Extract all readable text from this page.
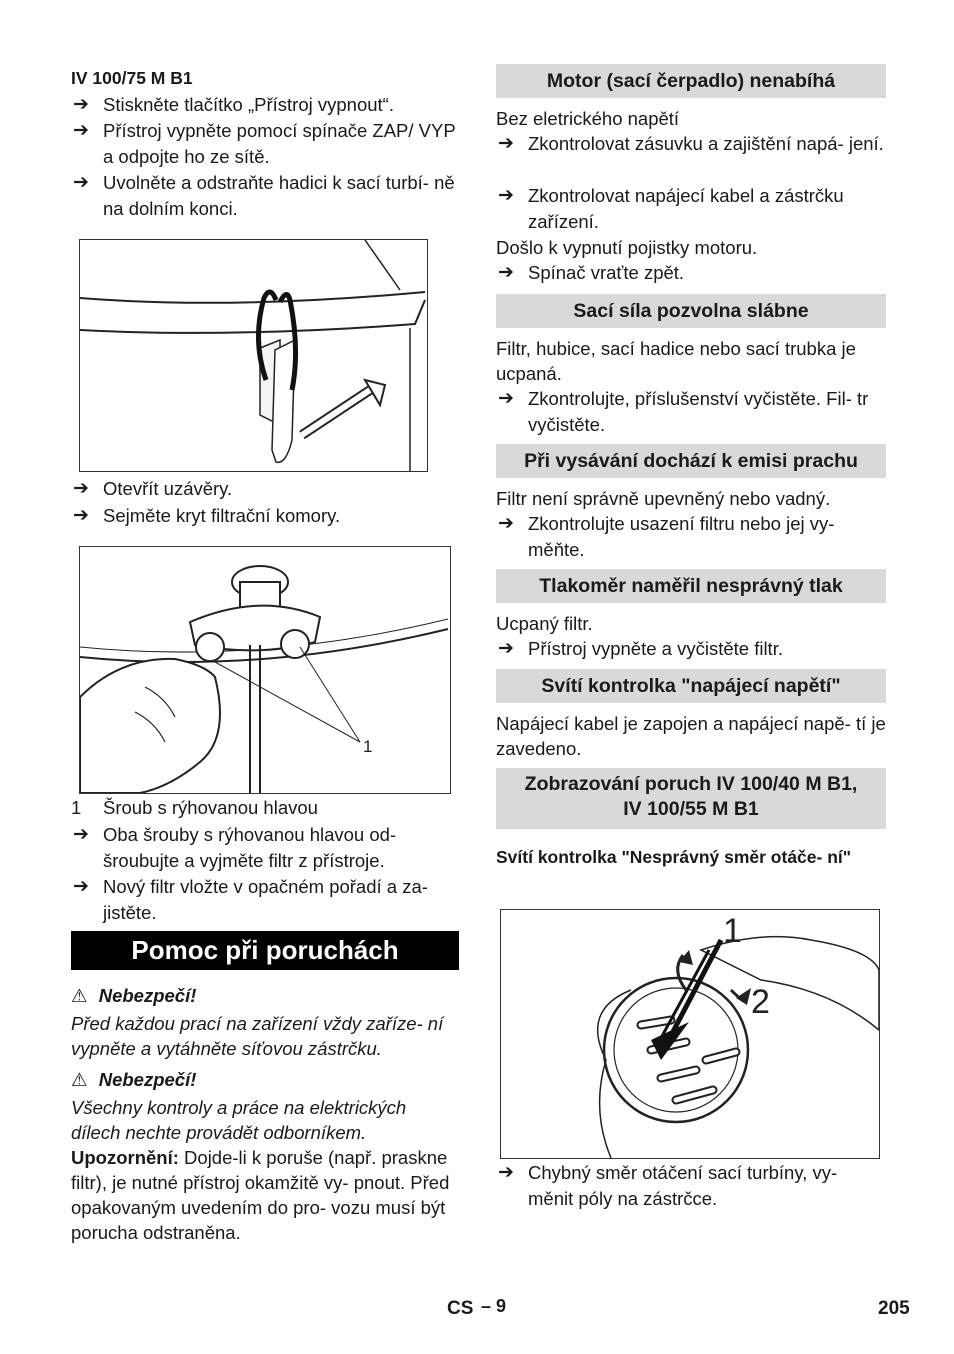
IV 100/75 M B1
➔ Stiskněte tlačítko „Přístroj vypnout“.
➔ Přístroj vypněte pomocí spínače ZAP/ VYP a odpojte ho ze sítě.
➔ Uvolněte a odstraňte hadici k sací turbí- ně na dolním konci.
➔ Otevřít uzávěry.
➔ Sejměte kryt filtrační komory.
1
1 Šroub s rýhovanou hlavou
➔ Oba šrouby s rýhovanou hlavou od- šroubujte a vyjměte filtr z přístroje.
➔ Nový filtr vložte v opačném pořadí a za- jistěte.
Pomoc při poruchách
⚠ Nebezpečí!
Před každou prací na zařízení vždy zaříze- ní vypněte a vytáhněte síťovou zástrčku.
⚠ Nebezpečí!
Všechny kontroly a práce na elektrických dílech nechte provádět odborníkem.
Upozornění: Dojde-li k poruše (např. praskne filtr), je nutné přístroj okamžitě vy- pnout. Před opakovaným uvedením do pro- vozu musí být porucha odstraněna.
Motor (sací čerpadlo) nenabíhá
Bez eletrického napětí
➔ Zkontrolovat zásuvku a zajištění napá- jení.
➔ Zkontrolovat napájecí kabel a zástrčku zařízení.
Došlo k vypnutí pojistky motoru.
➔ Spínač vraťte zpět.
Sací síla pozvolna slábne
Filtr, hubice, sací hadice nebo sací trubka je ucpaná.
➔ Zkontrolujte, příslušenství vyčistěte. Fil- tr vyčistěte.
Při vysávání dochází k emisi prachu
Filtr není správně upevněný nebo vadný.
➔ Zkontrolujte usazení filtru nebo jej vy- měňte.
Tlakoměr naměřil nesprávný tlak
Ucpaný filtr.
➔ Přístroj vypněte a vyčistěte filtr.
Svítí kontrolka "napájecí napětí"
Napájecí kabel je zapojen a napájecí napě- tí je zavedeno.
Zobrazování poruch IV 100/40 M B1,
IV 100/55 M B1
Svítí kontrolka "Nesprávný směr otáče- ní"
1
2
➔ Chybný směr otáčení sací turbíny, vy- měnit póly na zástrčce.
CS – 9	205
